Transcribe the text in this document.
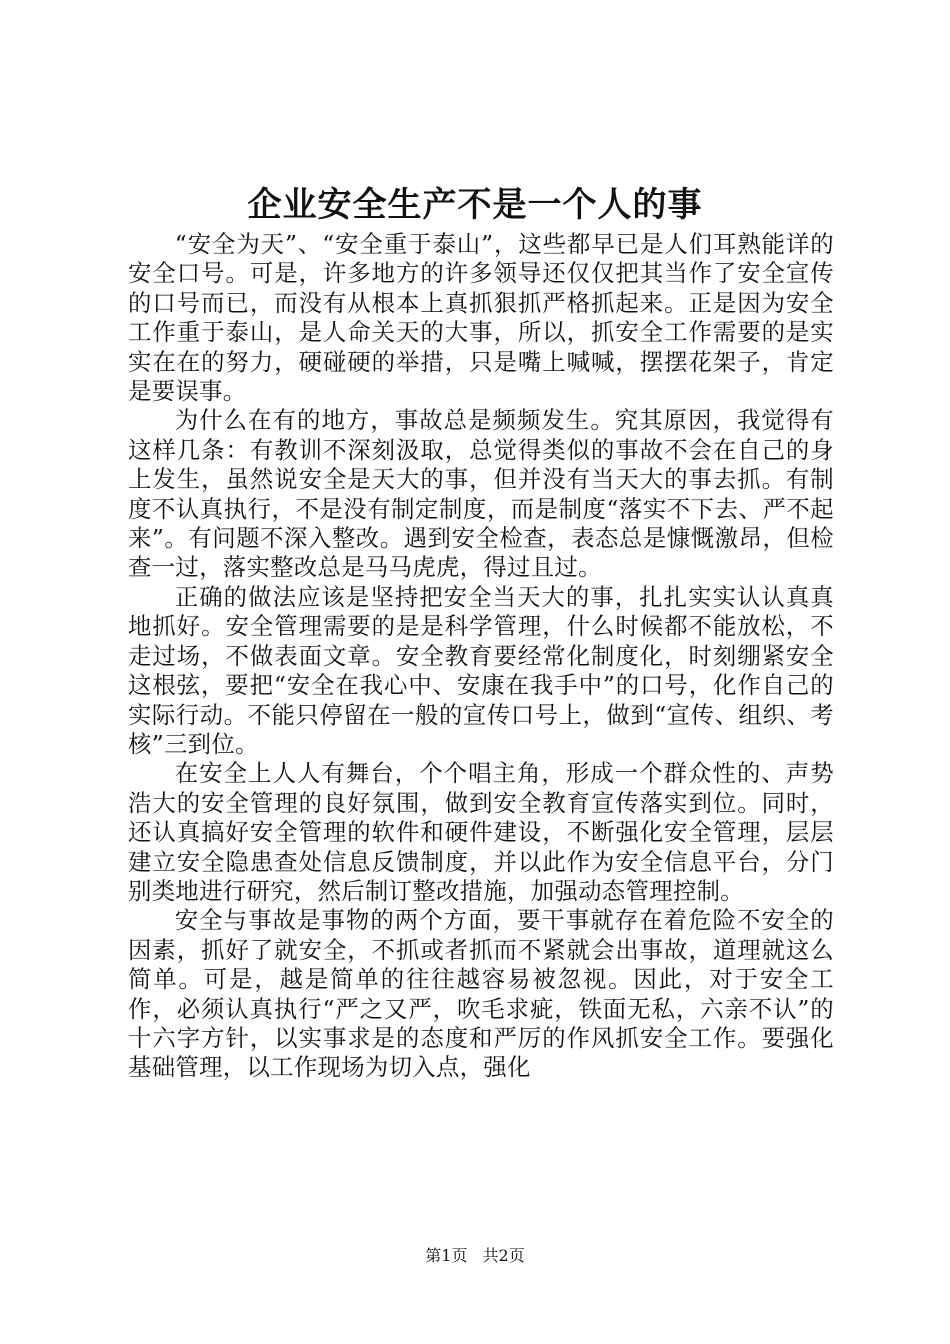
企业安全生产不是一个人的事

“安全为天”、“安全重于泰山”，这些都早已是人们耳熟能详的安全口号。可是，许多地方的许多领导还仅仅把其当作了安全宣传的口号而已，而没有从根本上真抓狠抓严格抓起来。正是因为安全工作重于泰山，是人命关天的大事，所以，抓安全工作需要的是实实在在的努力，硬碰硬的举措，只是嘴上喊喊，摆摆花架子，肯定是要误事。

为什么在有的地方，事故总是频频发生。究其原因，我觉得有这样几条：有教训不深刻汲取，总觉得类似的事故不会在自己的身上发生，虽然说安全是天大的事，但并没有当天大的事去抓。有制度不认真执行，不是没有制定制度，而是制度“落实不下去、严不起来”。有问题不深入整改。遇到安全检查，表态总是慷慨激昂，但检查一过，落实整改总是马马虎虎，得过且过。

正确的做法应该是坚持把安全当天大的事，扎扎实实认认真真地抓好。安全管理需要的是是科学管理，什么时候都不能放松，不走过场，不做表面文章。安全教育要经常化制度化，时刻绷紧安全这根弦，要把“安全在我心中、安康在我手中”的口号，化作自己的实际行动。不能只停留在一般的宣传口号上，做到“宣传、组织、考核”三到位。

在安全上人人有舞台，个个唱主角，形成一个群众性的、声势浩大的安全管理的良好氛围，做到安全教育宣传落实到位。同时，还认真搞好安全管理的软件和硬件建设，不断强化安全管理，层层建立安全隐患查处信息反馈制度，并以此作为安全信息平台，分门别类地进行研究，然后制订整改措施，加强动态管理控制。

安全与事故是事物的两个方面，要干事就存在着危险不安全的因素，抓好了就安全，不抓或者抓而不紧就会出事故，道理就这么简单。可是，越是简单的往往越容易被忽视。因此，对于安全工作，必须认真执行“严之又严，吹毛求疵，铁面无私，六亲不认”的十六字方针，以实事求是的态度和严厉的作风抓安全工作。要强化基础管理，以工作现场为切入点，强化

第1页 共2页
